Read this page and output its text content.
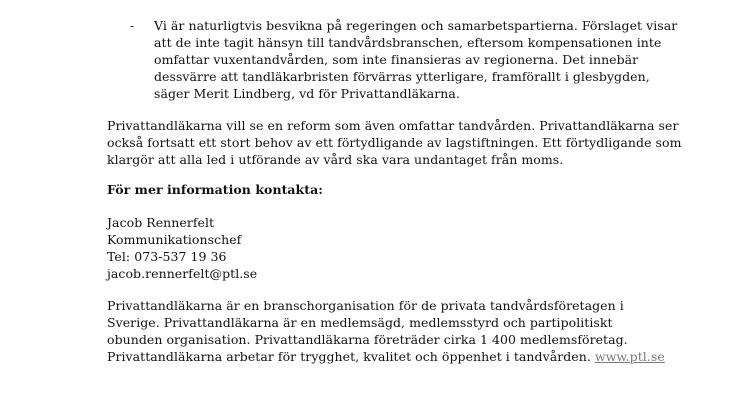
-	Vi är naturligtvis besvikna på regeringen och samarbetspartierna. Förslaget visar att de inte tagit hänsyn till tandvårdsbranschen, eftersom kompensationen inte omfattar vuxentandvården, som inte finansieras av regionerna. Det innebär dessvärre att tandläkarbristen förvärras ytterligare, framförallt i glesbygden, säger Merit Lindberg, vd för Privattandläkarna.
Privattandläkarna vill se en reform som även omfattar tandvården. Privattandläkarna ser också fortsatt ett stort behov av ett förtydligande av lagstiftningen. Ett förtydligande som klargör att alla led i utförande av vård ska vara undantaget från moms.
För mer information kontakta:
Jacob Rennerfelt
Kommunikationschef
Tel: 073-537 19 36
jacob.rennerfelt@ptl.se
Privattandläkarna är en branschorganisation för de privata tandvårdsföretagen i Sverige. Privattandläkarna är en medlemsägd, medlemsstyrd och partipolitiskt obunden organisation. Privattandläkarna företräder cirka 1 400 medlemsföretag. Privattandläkarna arbetar för trygghet, kvalitet och öppenhet i tandvården. www.ptl.se
